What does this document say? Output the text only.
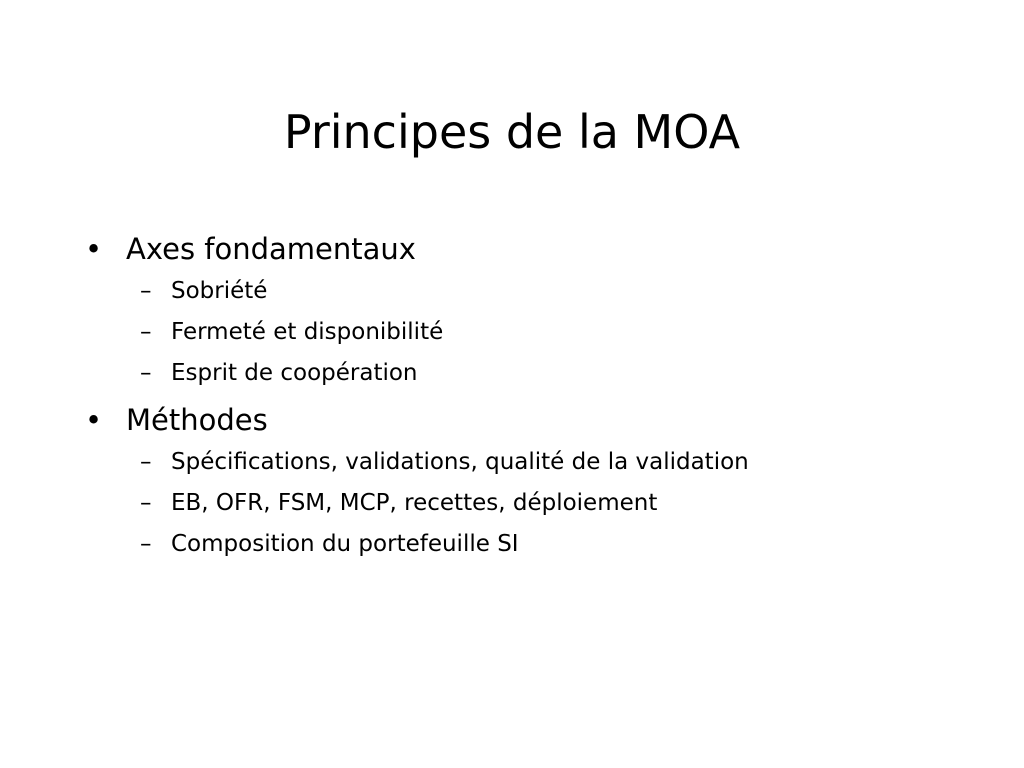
Principes de la MOA
• Axes fondamentaux
– Sobriété
– Fermeté et disponibilité
– Esprit de coopération
• Méthodes
– Spécifications, validations, qualité de la validation
– EB, OFR, FSM, MCP, recettes, déploiement
– Composition du portefeuille SI
